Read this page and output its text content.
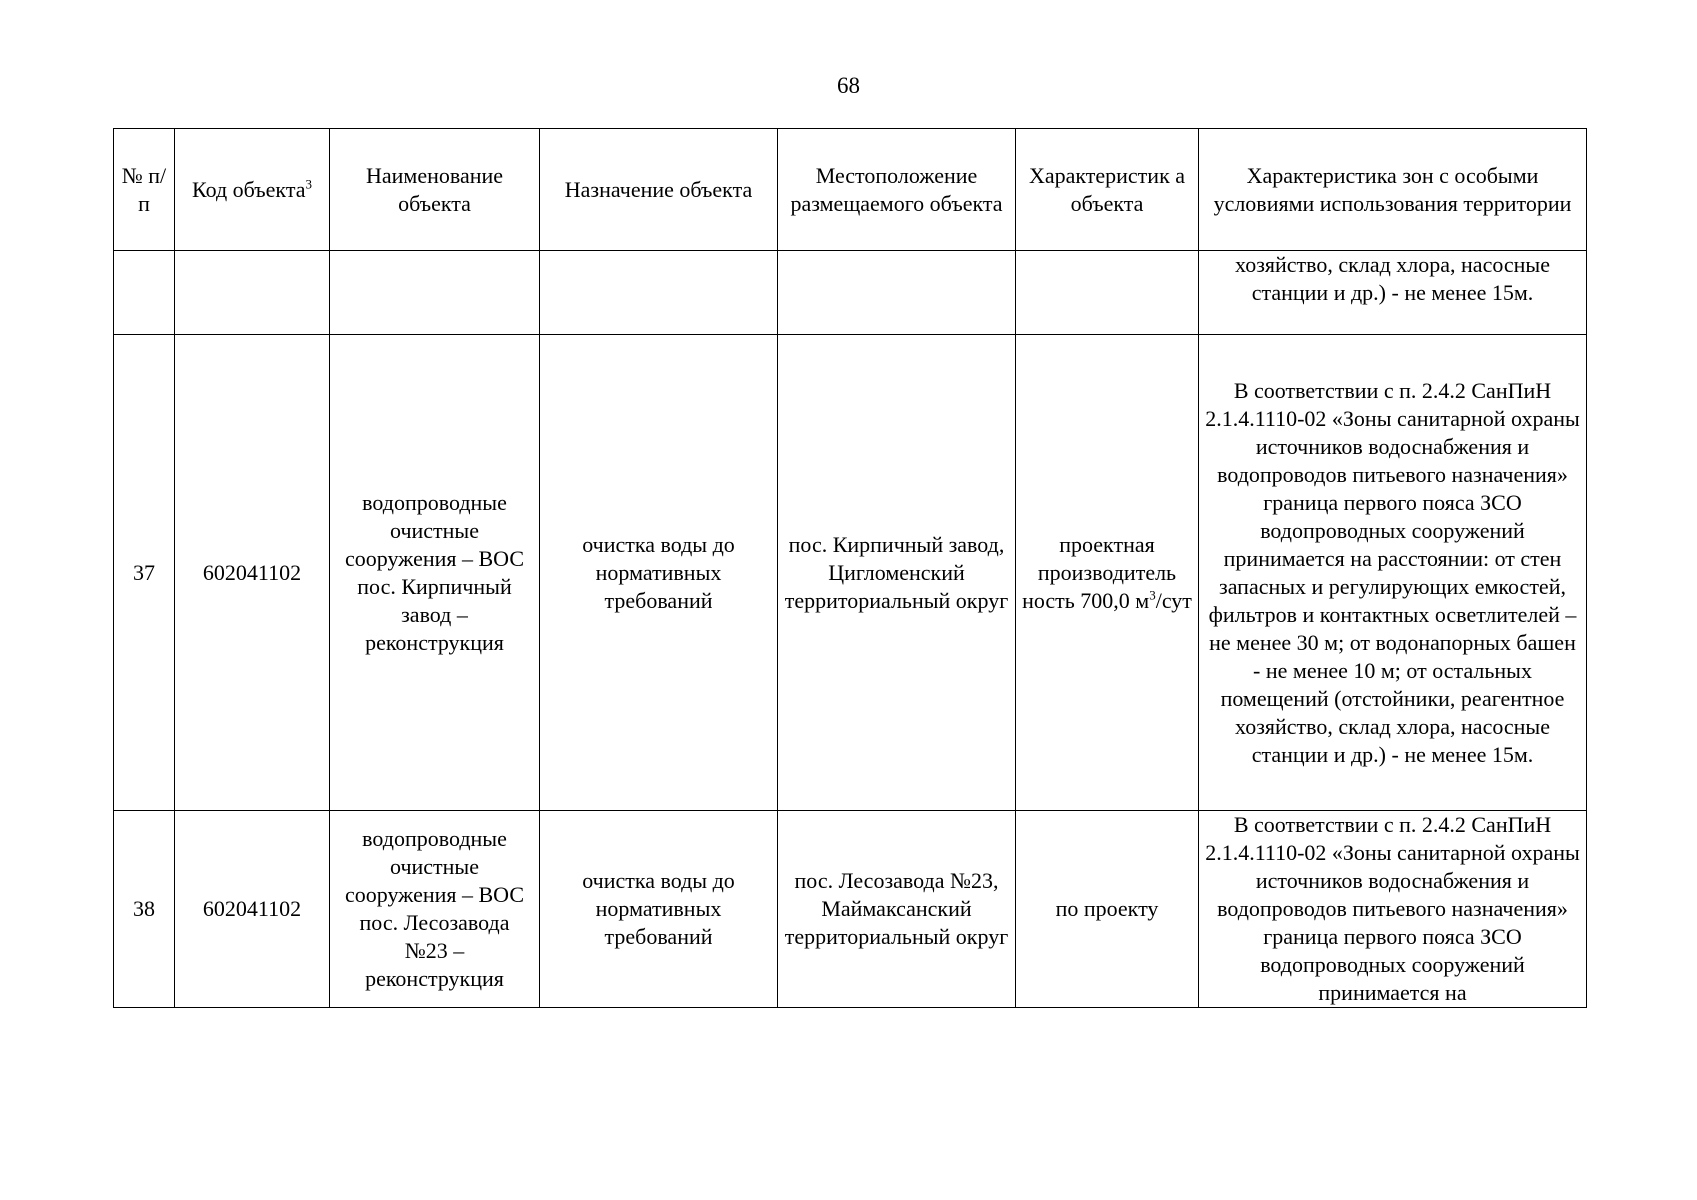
68
№ п/п	Код объекта$^3$	Наименование объекта	Назначение объекта	Местоположение размещаемого объекта	Характеристик а объекта	Характеристика зон с особыми условиями использования территории
						хозяйство, склад хлора, насосные станции и др.) - не менее 15м.
37	602041102	водопроводные очистные сооружения – ВОС пос. Кирпичный завод – реконструкция	очистка воды до нормативных требований	пос. Кирпичный завод, Цигломенский территориальный округ	проектная производитель ность 700,0 $м^3$/сут	В соответствии с п. 2.4.2 СанПиН 2.1.4.1110-02 «Зоны санитарной охраны источников водоснабжения и водопроводов питьевого назначения» граница первого пояса ЗСО водопроводных сооружений принимается на расстоянии: от стен запасных и регулирующих емкостей, фильтров и контактных осветлителей – не менее 30 м; от водонапорных башен - не менее 10 м; от остальных помещений (отстойники, реагентное хозяйство, склад хлора, насосные станции и др.) - не менее 15м.
38	602041102	водопроводные очистные сооружения – ВОС пос. Лесозавода №23 – реконструкция	очистка воды до нормативных требований	пос. Лесозавода №23, Маймаксанский территориальный округ	по проекту	В соответствии с п. 2.4.2 СанПиН 2.1.4.1110-02 «Зоны санитарной охраны источников водоснабжения и водопроводов питьевого назначения» граница первого пояса ЗСО водопроводных сооружений принимается на
